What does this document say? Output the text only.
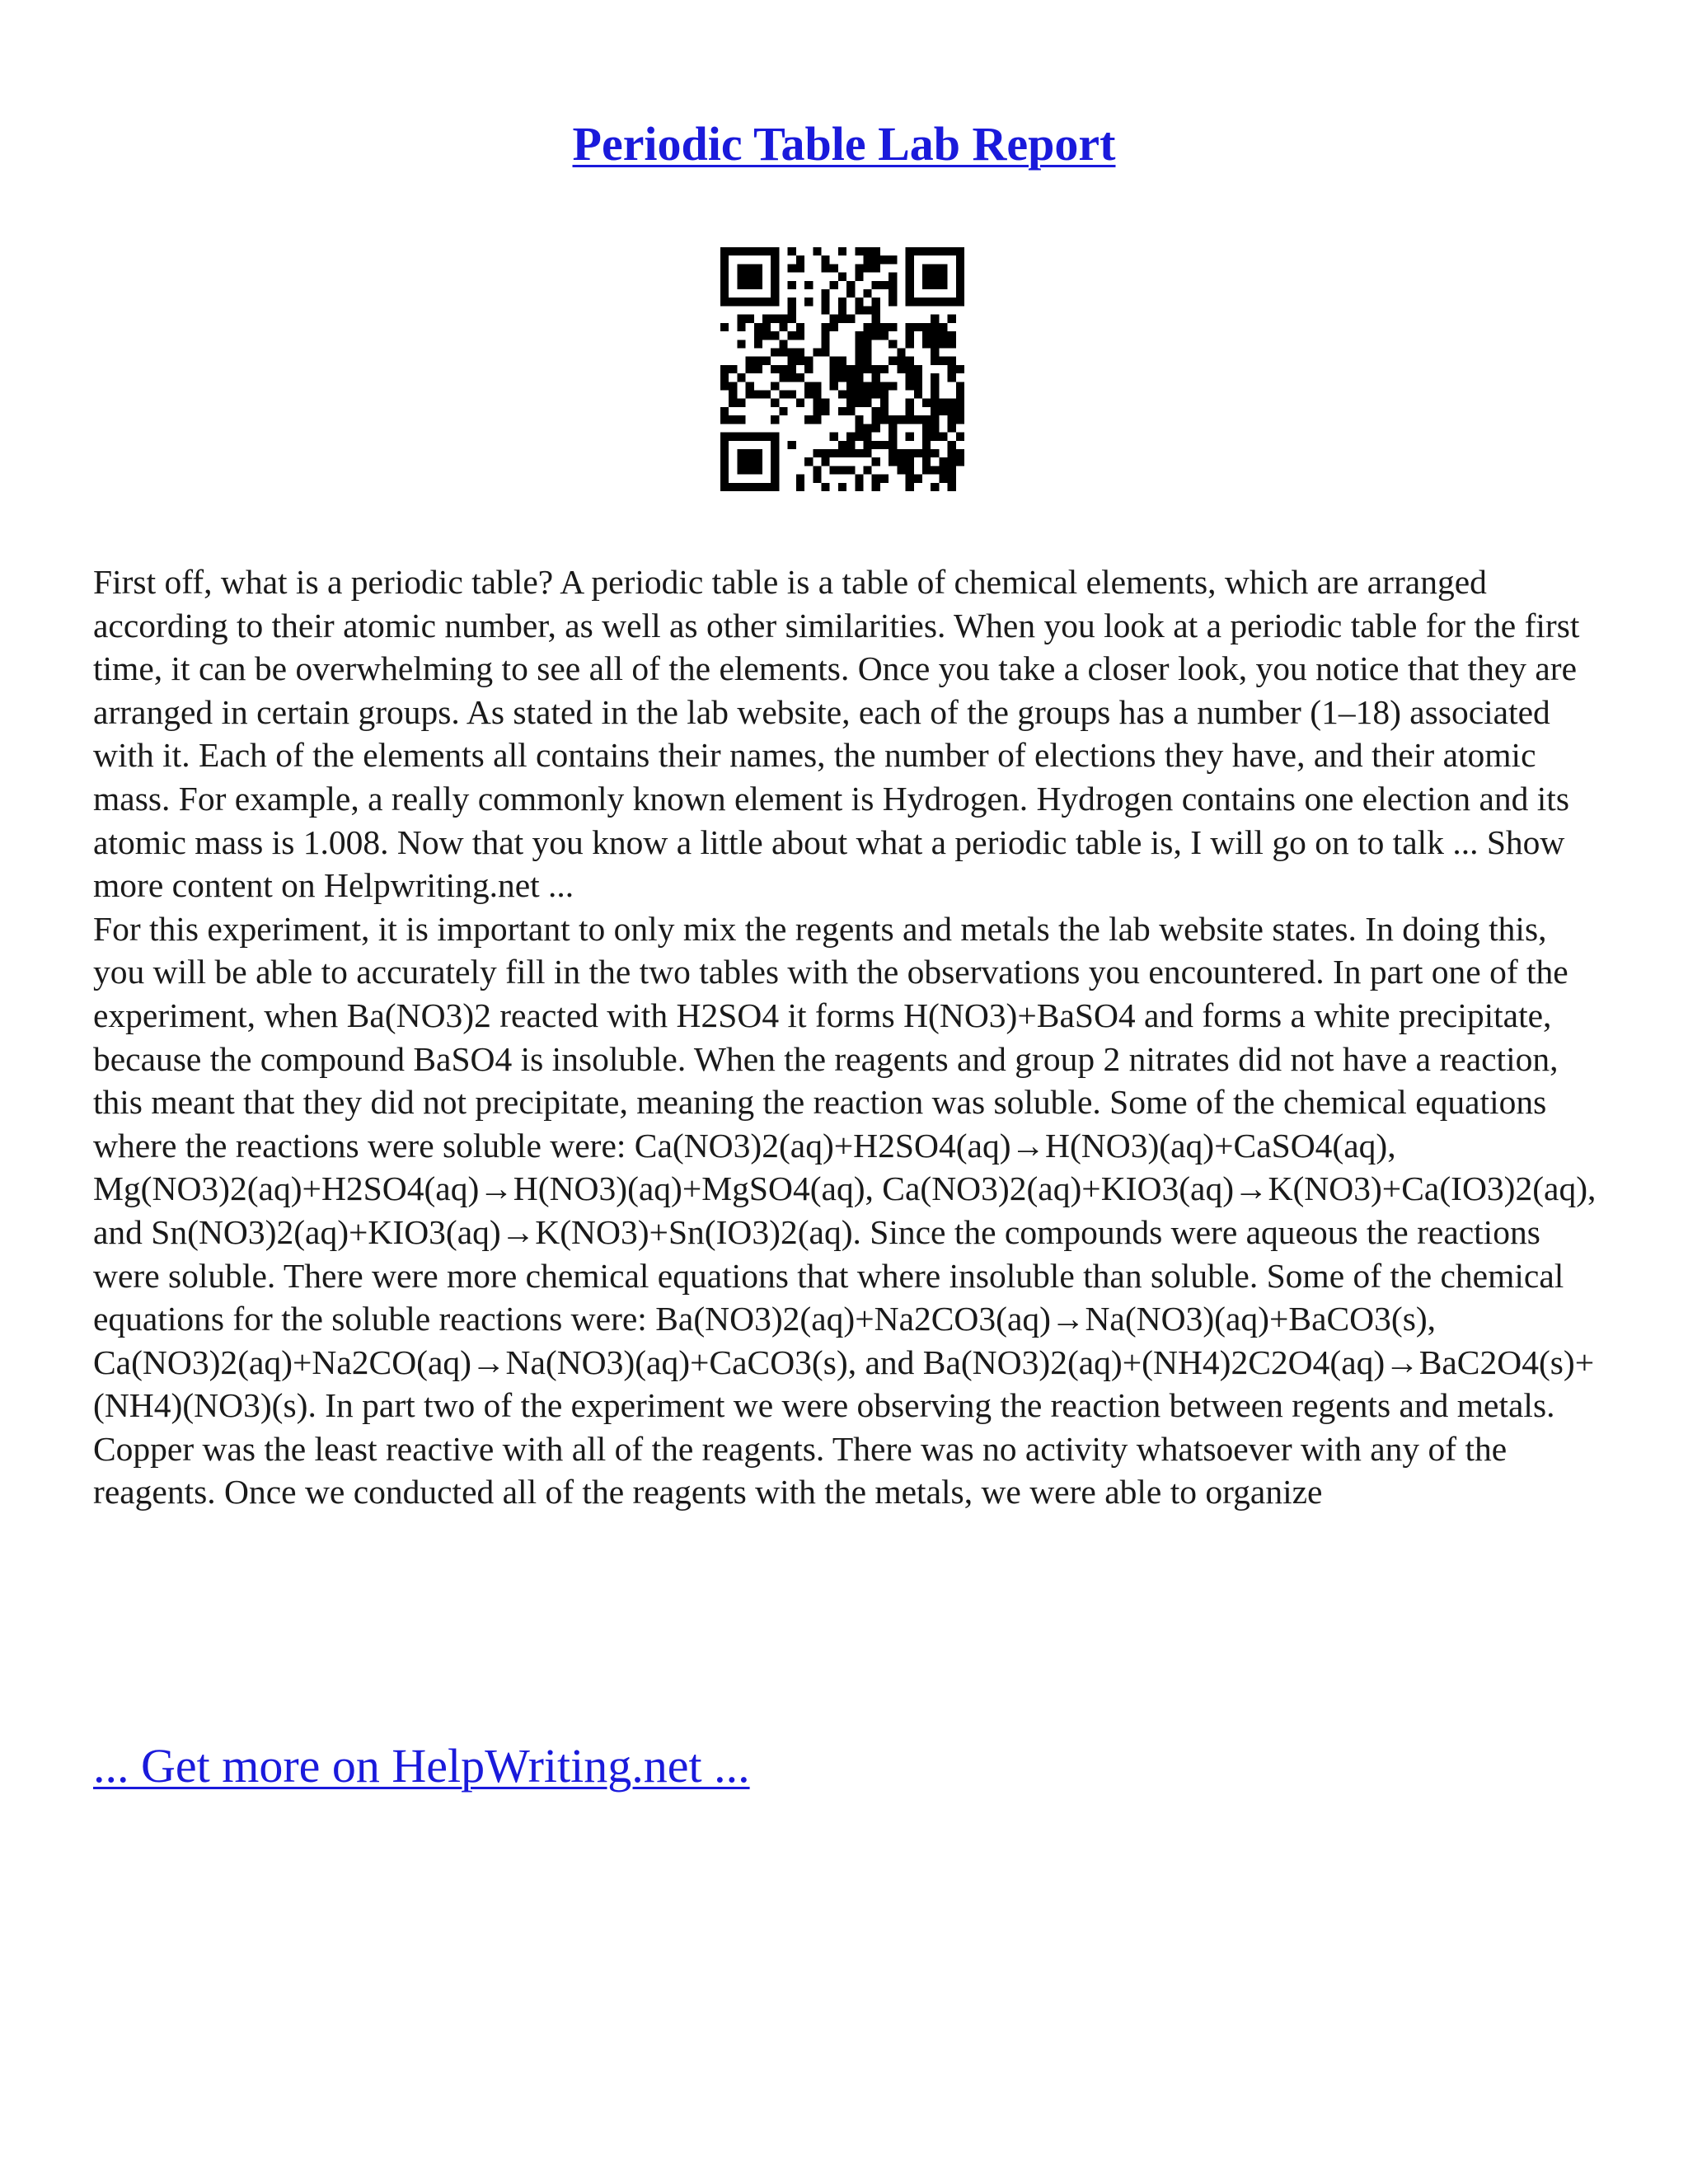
Periodic Table Lab Report

First off, what is a periodic table? A periodic table is a table of chemical elements, which are arranged according to their atomic number, as well as other similarities. When you look at a periodic table for the first time, it can be overwhelming to see all of the elements. Once you take a closer look, you notice that they are arranged in certain groups. As stated in the lab website, each of the groups has a number (1–18) associated with it. Each of the elements all contains their names, the number of elections they have, and their atomic mass. For example, a really commonly known element is Hydrogen. Hydrogen contains one election and its atomic mass is 1.008. Now that you know a little about what a periodic table is, I will go on to talk ... Show more content on Helpwriting.net ...

For this experiment, it is important to only mix the regents and metals the lab website states. In doing this, you will be able to accurately fill in the two tables with the observations you encountered. In part one of the experiment, when Ba(NO3)2 reacted with H2SO4 it forms H(NO3)+BaSO4 and forms a white precipitate, because the compound BaSO4 is insoluble. When the reagents and group 2 nitrates did not have a reaction, this meant that they did not precipitate, meaning the reaction was soluble. Some of the chemical equations where the reactions were soluble were: Ca(NO3)2(aq)+H2SO4(aq)→H(NO3)(aq)+CaSO4(aq), Mg(NO3)2(aq)+H2SO4(aq)→H(NO3)(aq)+MgSO4(aq), Ca(NO3)2(aq)+KIO3(aq)→K(NO3)+Ca(IO3)2(aq), and Sn(NO3)2(aq)+KIO3(aq)→K(NO3)+Sn(IO3)2(aq). Since the compounds were aqueous the reactions were soluble. There were more chemical equations that where insoluble than soluble. Some of the chemical equations for the soluble reactions were: Ba(NO3)2(aq)+Na2CO3(aq)→Na(NO3)(aq)+BaCO3(s), Ca(NO3)2(aq)+Na2CO(aq)→Na(NO3)(aq)+CaCO3(s), and Ba(NO3)2(aq)+(NH4)2C2O4(aq)→BaC2O4(s)+(NH4)(NO3)(s). In part two of the experiment we were observing the reaction between regents and metals. Copper was the least reactive with all of the reagents. There was no activity whatsoever with any of the reagents. Once we conducted all of the reagents with the metals, we were able to organize

... Get more on HelpWriting.net ...
